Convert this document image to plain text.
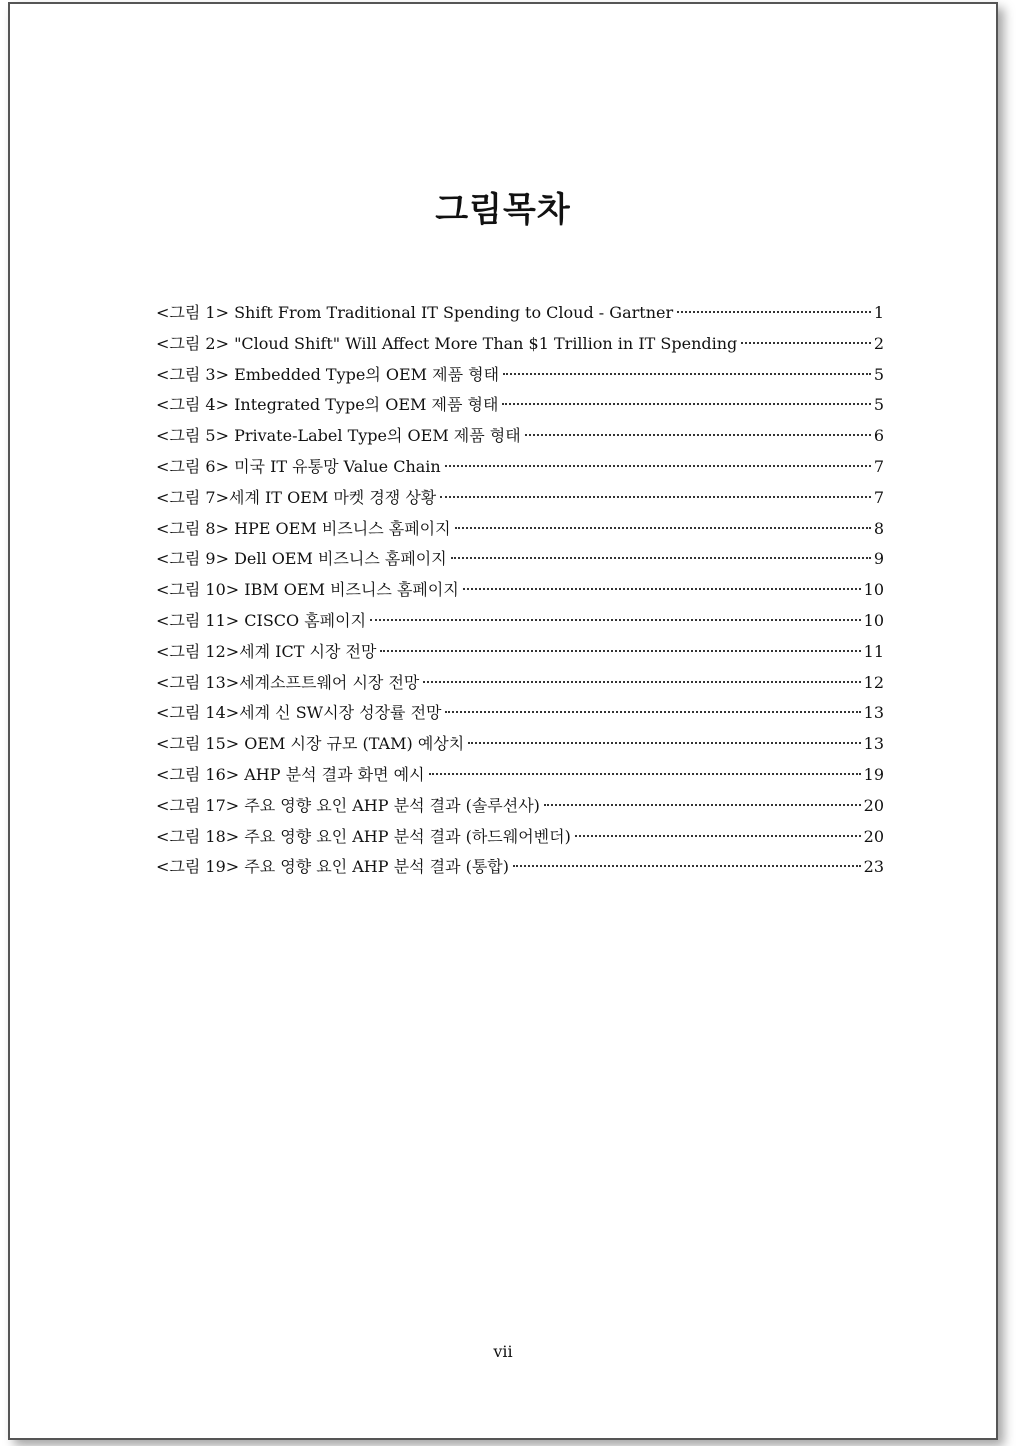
그림목차
<그림 1> Shift From Traditional IT Spending to Cloud - Gartner	1
<그림 2> "Cloud Shift" Will Affect More Than $1 Trillion in IT Spending	2
<그림 3> Embedded Type의 OEM 제품 형태	5
<그림 4> Integrated Type의 OEM 제품 형태	5
<그림 5> Private-Label Type의 OEM 제품 형태	6
<그림 6> 미국 IT 유통망 Value Chain	7
<그림 7>세계 IT OEM 마켓 경쟁 상황	7
<그림 8> HPE OEM 비즈니스 홈페이지	8
<그림 9> Dell OEM 비즈니스 홈페이지	9
<그림 10> IBM OEM 비즈니스 홈페이지	10
<그림 11> CISCO 홈페이지	10
<그림 12>세계 ICT 시장 전망	11
<그림 13>세계소프트웨어 시장 전망	12
<그림 14>세계 신 SW시장 성장률 전망	13
<그림 15> OEM 시장 규모 (TAM) 예상치	13
<그림 16> AHP 분석 결과 화면 예시	19
<그림 17> 주요 영향 요인 AHP 분석 결과 (솔루션사)	20
<그림 18> 주요 영향 요인 AHP 분석 결과 (하드웨어벤더)	20
<그림 19> 주요 영향 요인 AHP 분석 결과 (통합)	23
vii
